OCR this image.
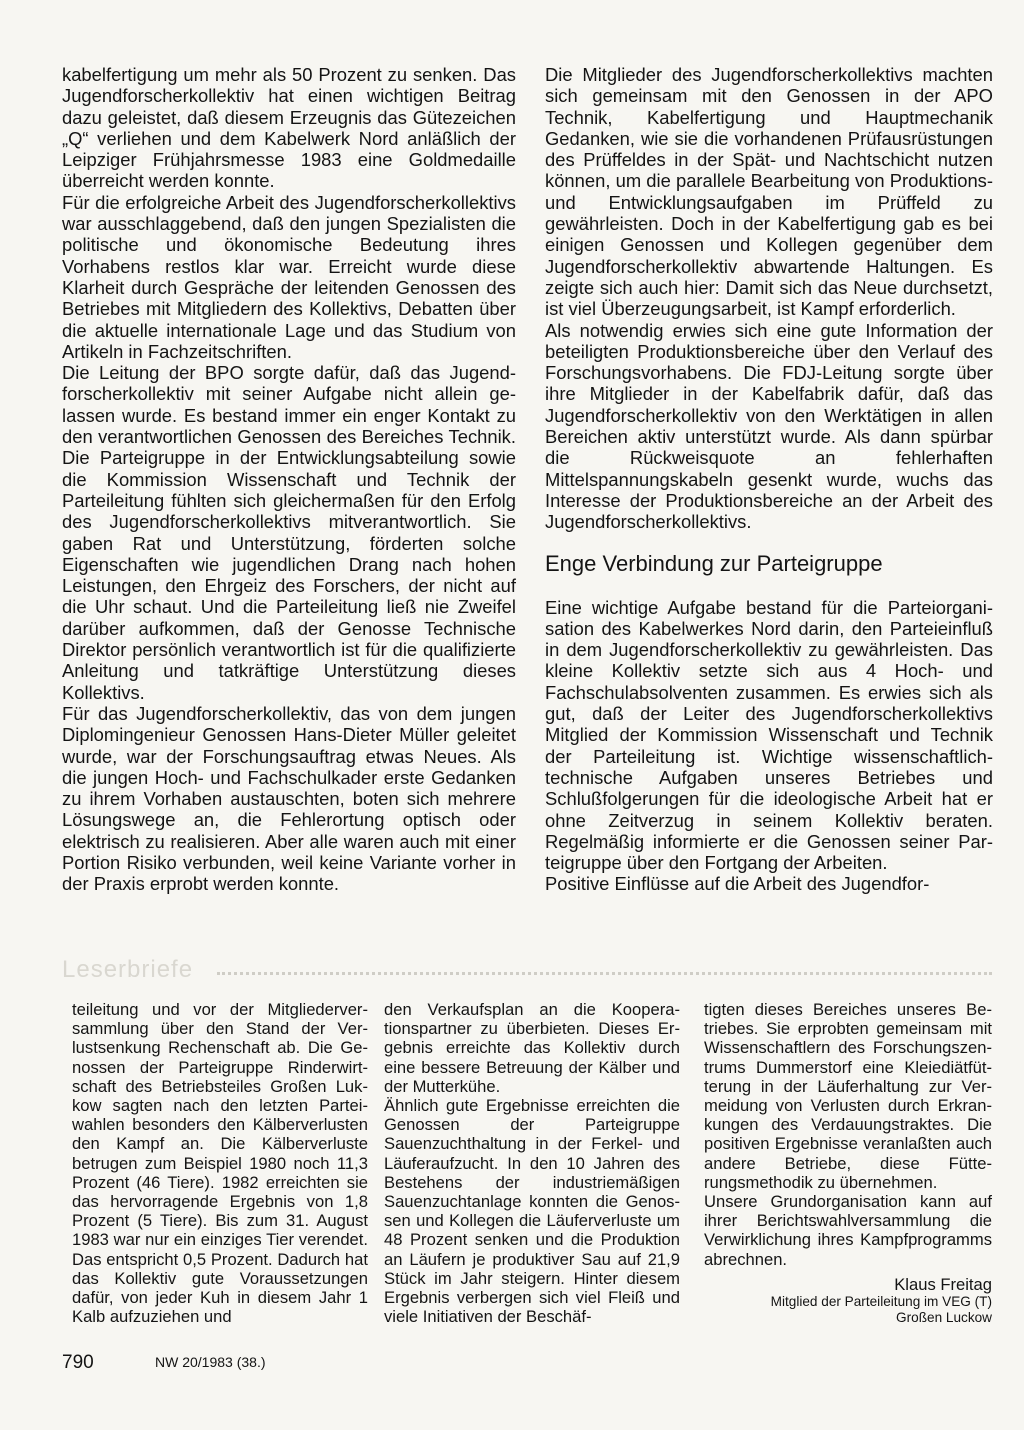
kabelfertigung um mehr als 50 Prozent zu senken. Das Jugendforscherkollektiv hat einen wichtigen Beitrag dazu geleistet, daß diesem Erzeugnis das Gütezeichen „Q“ verliehen und dem Kabelwerk Nord anläßlich der Leipziger Frühjahrsmesse 1983 eine Goldmedaille überreicht werden konnte.

Für die erfolgreiche Arbeit des Jugendforscherkollektivs war ausschlaggebend, daß den jungen Spezialisten die politische und ökonomische Bedeutung ihres Vorhabens restlos klar war. Erreicht wurde diese Klarheit durch Gespräche der leitenden Genossen des Betriebes mit Mitgliedern des Kollektivs, Debatten über die aktuelle internationale Lage und das Studium von Artikeln in Fachzeitschriften.

Die Leitung der BPO sorgte dafür, daß das Jugendforscherkollektiv mit seiner Aufgabe nicht allein gelassen wurde. Es bestand immer ein enger Kontakt zu den verantwortlichen Genossen des Bereiches Technik. Die Parteigruppe in der Entwicklungsabteilung sowie die Kommission Wissenschaft und Technik der Parteileitung fühlten sich gleichermaßen für den Erfolg des Jugendforscherkollektivs mitverantwortlich. Sie gaben Rat und Unterstützung, förderten solche Eigenschaften wie jugendlichen Drang nach hohen Leistungen, den Ehrgeiz des Forschers, der nicht auf die Uhr schaut. Und die Parteileitung ließ nie Zweifel darüber aufkommen, daß der Genosse Technische Direktor persönlich verantwortlich ist für die qualifizierte Anleitung und tatkräftige Unterstützung dieses Kollektivs.

Für das Jugendforscherkollektiv, das von dem jungen Diplomingenieur Genossen Hans-Dieter Müller geleitet wurde, war der Forschungsauftrag etwas Neues. Als die jungen Hoch- und Fachschulkader erste Gedanken zu ihrem Vorhaben austauschten, boten sich mehrere Lösungswege an, die Fehlerortung optisch oder elektrisch zu realisieren. Aber alle waren auch mit einer Portion Risiko verbunden, weil keine Variante vorher in der Praxis erprobt werden konnte.

Die Mitglieder des Jugendforscherkollektivs machten sich gemeinsam mit den Genossen in der APO Technik, Kabelfertigung und Hauptmechanik Gedanken, wie sie die vorhandenen Prüfausrüstungen des Prüffeldes in der Spät- und Nachtschicht nutzen können, um die parallele Bearbeitung von Produktions- und Entwicklungsaufgaben im Prüffeld zu gewährleisten. Doch in der Kabelfertigung gab es bei einigen Genossen und Kollegen gegenüber dem Jugendforscherkollektiv abwartende Haltungen. Es zeigte sich auch hier: Damit sich das Neue durchsetzt, ist viel Überzeugungsarbeit, ist Kampf erforderlich.

Als notwendig erwies sich eine gute Information der beteiligten Produktionsbereiche über den Verlauf des Forschungsvorhabens. Die FDJ-Leitung sorgte über ihre Mitglieder in der Kabelfabrik dafür, daß das Jugendforscherkollektiv von den Werktätigen in allen Bereichen aktiv unterstützt wurde. Als dann spürbar die Rückweisquote an fehlerhaften Mittelspannungskabeln gesenkt wurde, wuchs das Interesse der Produktionsbereiche an der Arbeit des Jugendforscherkollektivs.

Enge Verbindung zur Parteigruppe

Eine wichtige Aufgabe bestand für die Parteiorganisation des Kabelwerkes Nord darin, den Parteieinfluß in dem Jugendforscherkollektiv zu gewährleisten. Das kleine Kollektiv setzte sich aus 4 Hoch- und Fachschulabsolventen zusammen. Es erwies sich als gut, daß der Leiter des Jugendforscherkollektivs Mitglied der Kommission Wissenschaft und Technik der Parteileitung ist. Wichtige wissenschaftlich-technische Aufgaben unseres Betriebes und Schlußfolgerungen für die ideologische Arbeit hat er ohne Zeitverzug in seinem Kollektiv beraten. Regelmäßig informierte er die Genossen seiner Parteigruppe über den Fortgang der Arbeiten.

Positive Einflüsse auf die Arbeit des Jugendfor-

Leserbriefe

teileitung und vor der Mitgliederversammlung über den Stand der Verlustsenkung Rechenschaft ab. Die Genossen der Parteigruppe Rinderwirtschaft des Betriebsteiles Großen Lukkow sagten nach den letzten Parteiwahlen besonders den Kälberverlusten den Kampf an. Die Kälberverluste betrugen zum Beispiel 1980 noch 11,3 Prozent (46 Tiere). 1982 erreichten sie das hervorragende Ergebnis von 1,8 Prozent (5 Tiere). Bis zum 31. August 1983 war nur ein einziges Tier verendet. Das entspricht 0,5 Prozent. Dadurch hat das Kollektiv gute Voraussetzungen dafür, von jeder Kuh in diesem Jahr 1 Kalb aufzuziehen und

den Verkaufsplan an die Kooperationspartner zu überbieten. Dieses Ergebnis erreichte das Kollektiv durch eine bessere Betreuung der Kälber und der Mutterkühe.

Ähnlich gute Ergebnisse erreichten die Genossen der Parteigruppe Sauenzuchthaltung in der Ferkel- und Läuferaufzucht. In den 10 Jahren des Bestehens der industriemäßigen Sauenzuchtanlage konnten die Genossen und Kollegen die Läuferverluste um 48 Prozent senken und die Produktion an Läufern je produktiver Sau auf 21,9 Stück im Jahr steigern. Hinter diesem Ergebnis verbergen sich viel Fleiß und viele Initiativen der Beschäf-

tigten dieses Bereiches unseres Betriebes. Sie erprobten gemeinsam mit Wissenschaftlern des Forschungszentrums Dummerstorf eine Kleiediätfütterung in der Läuferhaltung zur Vermeidung von Verlusten durch Erkrankungen des Verdauungstraktes. Die positiven Ergebnisse veranlaßten auch andere Betriebe, diese Fütterungsmethodik zu übernehmen.

Unsere Grundorganisation kann auf ihrer Berichtswahlversammlung die Verwirklichung ihres Kampfprogramms abrechnen.

Klaus Freitag
Mitglied der Parteileitung im VEG (T)
Großen Luckow
790	NW 20/1983 (38.)
